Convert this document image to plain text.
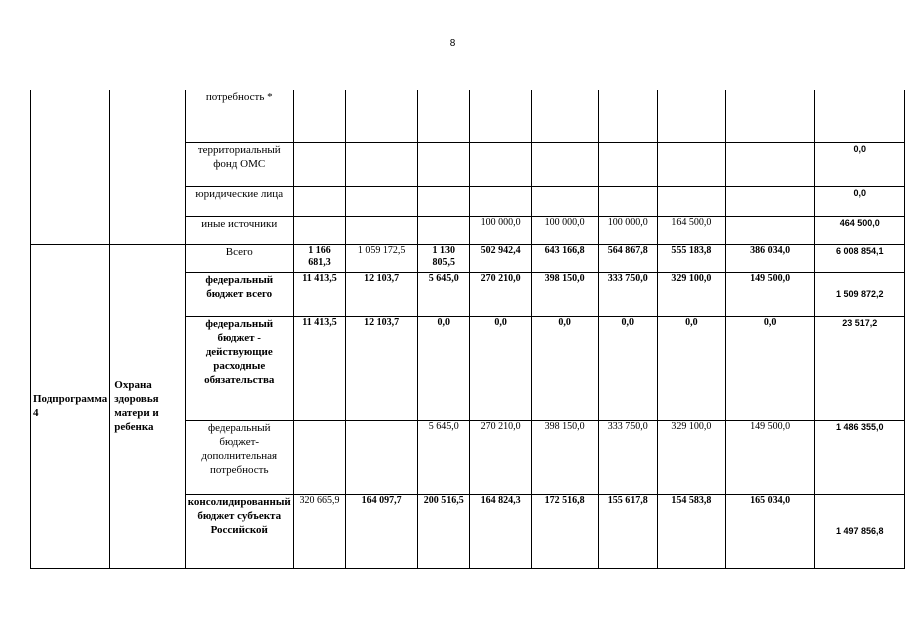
8
		потребность *									
		территориальный фонд ОМС									0,0
		юридические лица									0,0
		иные источники				100 000,0	100 000,0	100 000,0	164 500,0		464 500,0
Подпрограмма 4	Охрана здоровья матери и ребенка	Всего	1 166 681,3	1 059 172,5	1 130 805,5	502 942,4	643 166,8	564 867,8	555 183,8	386 034,0	6 008 854,1
		федеральный бюджет всего	11 413,5	12 103,7	5 645,0	270 210,0	398 150,0	333 750,0	329 100,0	149 500,0	1 509 872,2
		федеральный бюджет - действующие расходные обязательства	11 413,5	12 103,7	0,0	0,0	0,0	0,0	0,0	0,0	23 517,2
		федеральный бюджет-дополнительная потребность			5 645,0	270 210,0	398 150,0	333 750,0	329 100,0	149 500,0	1 486 355,0
		консолидированный бюджет субъекта Российской	320 665,9	164 097,7	200 516,5	164 824,3	172 516,8	155 617,8	154 583,8	165 034,0	1 497 856,8
